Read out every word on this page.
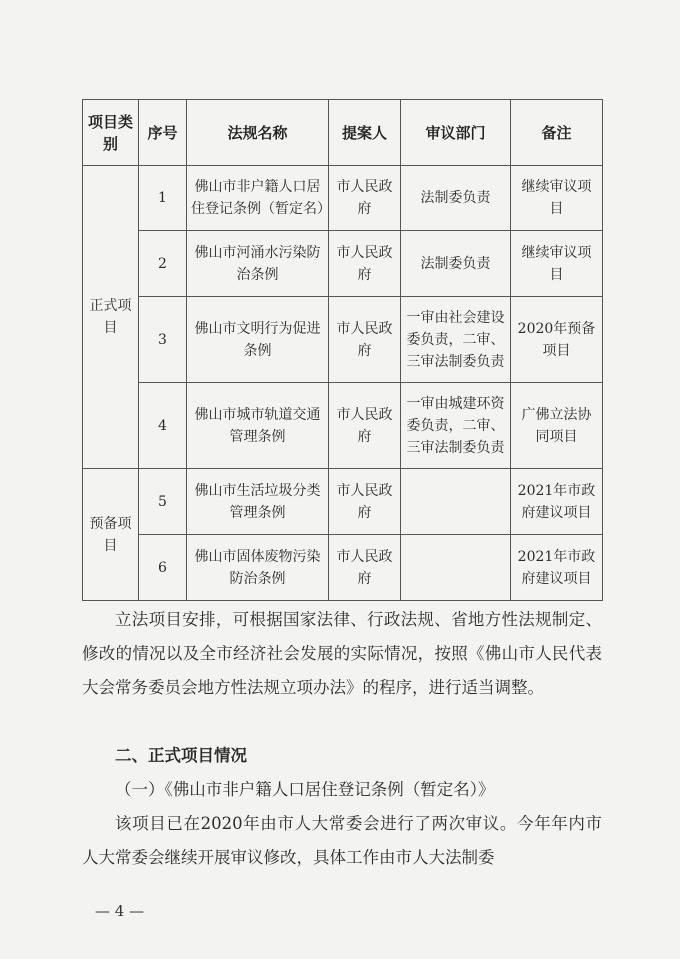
项目类别	序号	法规名称	提案人	审议部门	备注
正式项目	1	佛山市非户籍人口居住登记条例（暂定名）	市人民政府	法制委负责	继续审议项目
	2	佛山市河涌水污染防治条例	市人民政府	法制委负责	继续审议项目
	3	佛山市文明行为促进条例	市人民政府	一审由社会建设委负责，二审、三审法制委负责	2020年预备项目
	4	佛山市城市轨道交通管理条例	市人民政府	一审由城建环资委负责，二审、三审法制委负责	广佛立法协同项目
预备项目	5	佛山市生活垃圾分类管理条例	市人民政府		2021年市政府建议项目
	6	佛山市固体废物污染防治条例	市人民政府		2021年市政府建议项目

立法项目安排，可根据国家法律、行政法规、省地方性法规制定、修改的情况以及全市经济社会发展的实际情况，按照《佛山市人民代表大会常务委员会地方性法规立项办法》的程序，进行适当调整。

二、正式项目情况

（一）《佛山市非户籍人口居住登记条例（暂定名）》

该项目已在2020年由市人大常委会进行了两次审议。今年年内市人大常委会继续开展审议修改，具体工作由市人大法制委

— 4 —
